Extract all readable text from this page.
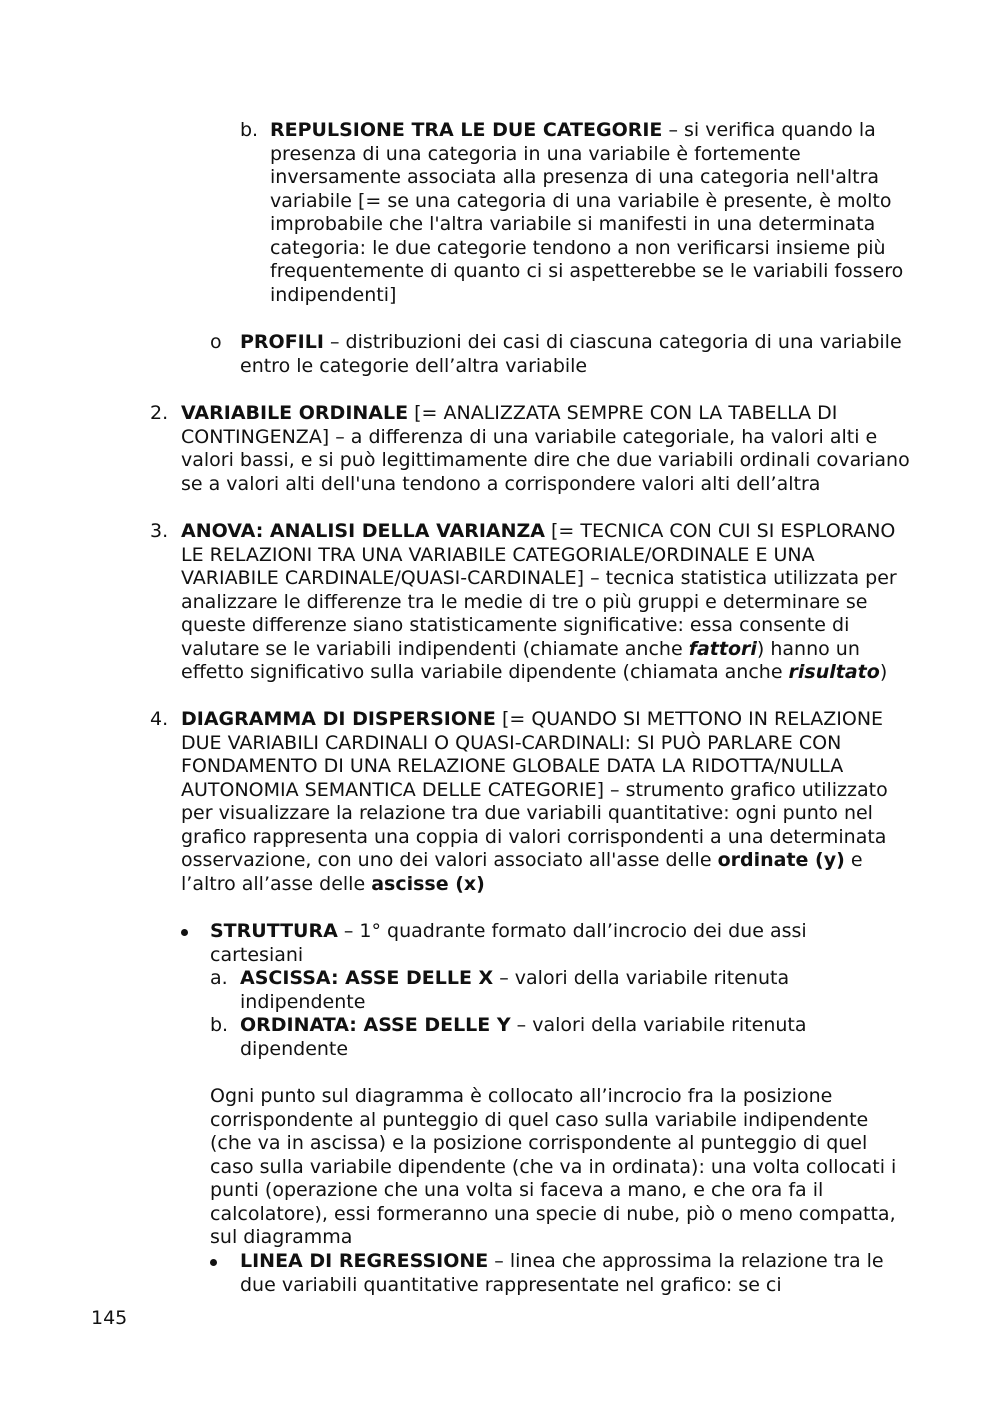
b. REPULSIONE TRA LE DUE CATEGORIE – si verifica quando la presenza di una categoria in una variabile è fortemente inversamente associata alla presenza di una categoria nell'altra variabile [= se una categoria di una variabile è presente, è molto improbabile che l'altra variabile si manifesti in una determinata categoria: le due categorie tendono a non verificarsi insieme più frequentemente di quanto ci si aspetterebbe se le variabili fossero indipendenti]

o PROFILI – distribuzioni dei casi di ciascuna categoria di una variabile entro le categorie dell’altra variabile

2. VARIABILE ORDINALE [= ANALIZZATA SEMPRE CON LA TABELLA DI CONTINGENZA] – a differenza di una variabile categoriale, ha valori alti e valori bassi, e si può legittimamente dire che due variabili ordinali covariano se a valori alti dell'una tendono a corrispondere valori alti dell’altra

3. ANOVA: ANALISI DELLA VARIANZA [= TECNICA CON CUI SI ESPLORANO LE RELAZIONI TRA UNA VARIABILE CATEGORIALE/ORDINALE E UNA VARIABILE CARDINALE/QUASI-CARDINALE] – tecnica statistica utilizzata per analizzare le differenze tra le medie di tre o più gruppi e determinare se queste differenze siano statisticamente significative: essa consente di valutare se le variabili indipendenti (chiamate anche fattori) hanno un effetto significativo sulla variabile dipendente (chiamata anche risultato)

4. DIAGRAMMA DI DISPERSIONE [= QUANDO SI METTONO IN RELAZIONE DUE VARIABILI CARDINALI O QUASI-CARDINALI: SI PUÒ PARLARE CON FONDAMENTO DI UNA RELAZIONE GLOBALE DATA LA RIDOTTA/NULLA AUTONOMIA SEMANTICA DELLE CATEGORIE] – strumento grafico utilizzato per visualizzare la relazione tra due variabili quantitative: ogni punto nel grafico rappresenta una coppia di valori corrispondenti a una determinata osservazione, con uno dei valori associato all'asse delle ordinate (y) e l’altro all’asse delle ascisse (x)

STRUTTURA – 1° quadrante formato dall’incrocio dei due assi cartesiani

a. ASCISSA: ASSE DELLE X – valori della variabile ritenuta indipendente

b. ORDINATA: ASSE DELLE Y – valori della variabile ritenuta dipendente

Ogni punto sul diagramma è collocato all’incrocio fra la posizione corrispondente al punteggio di quel caso sulla variabile indipendente (che va in ascissa) e la posizione corrispondente al punteggio di quel caso sulla variabile dipendente (che va in ordinata): una volta collocati i punti (operazione che una volta si faceva a mano, e che ora fa il calcolatore), essi formeranno una specie di nube, piò o meno compatta, sul diagramma

LINEA DI REGRESSIONE – linea che approssima la relazione tra le due variabili quantitative rappresentate nel grafico: se ci

145
